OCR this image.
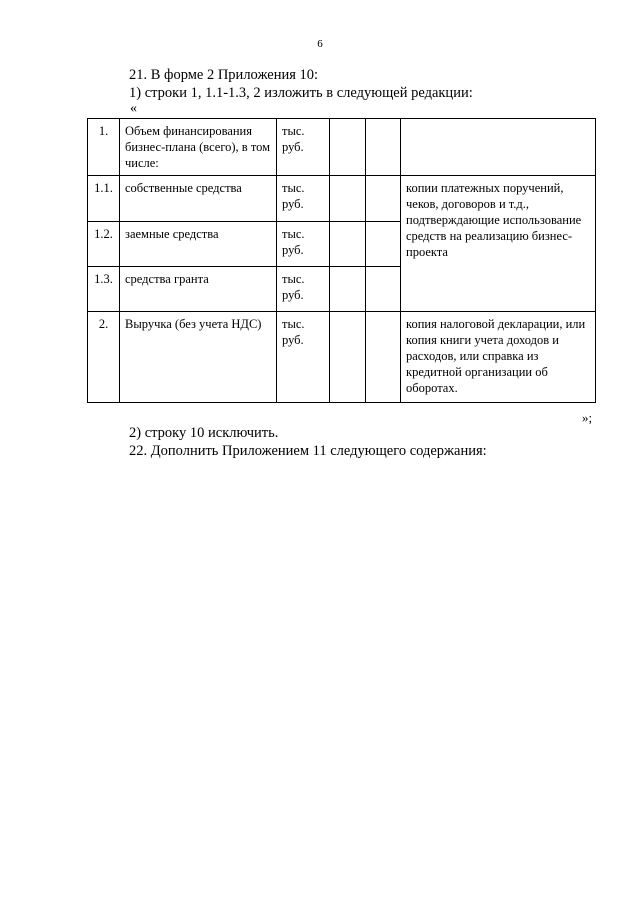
6
21. В форме 2 Приложения 10:
1) строки 1, 1.1-1.3, 2 изложить в следующей редакции:
«
1.	Объем финансирования бизнес-плана (всего), в том числе:	тыс. руб.			
1.1.	собственные средства	тыс. руб.			копии платежных поручений, чеков, договоров и т.д., подтверждающие использование средств на реализацию бизнес-проекта
1.2.	заемные средства	тыс. руб.			
1.3.	средства гранта	тыс. руб.			
2.	Выручка (без учета НДС)	тыс. руб.			копия налоговой декларации, или копия книги учета доходов и расходов, или справка из кредитной организации об оборотах.
»;
2) строку 10 исключить.
22. Дополнить Приложением 11 следующего содержания:
